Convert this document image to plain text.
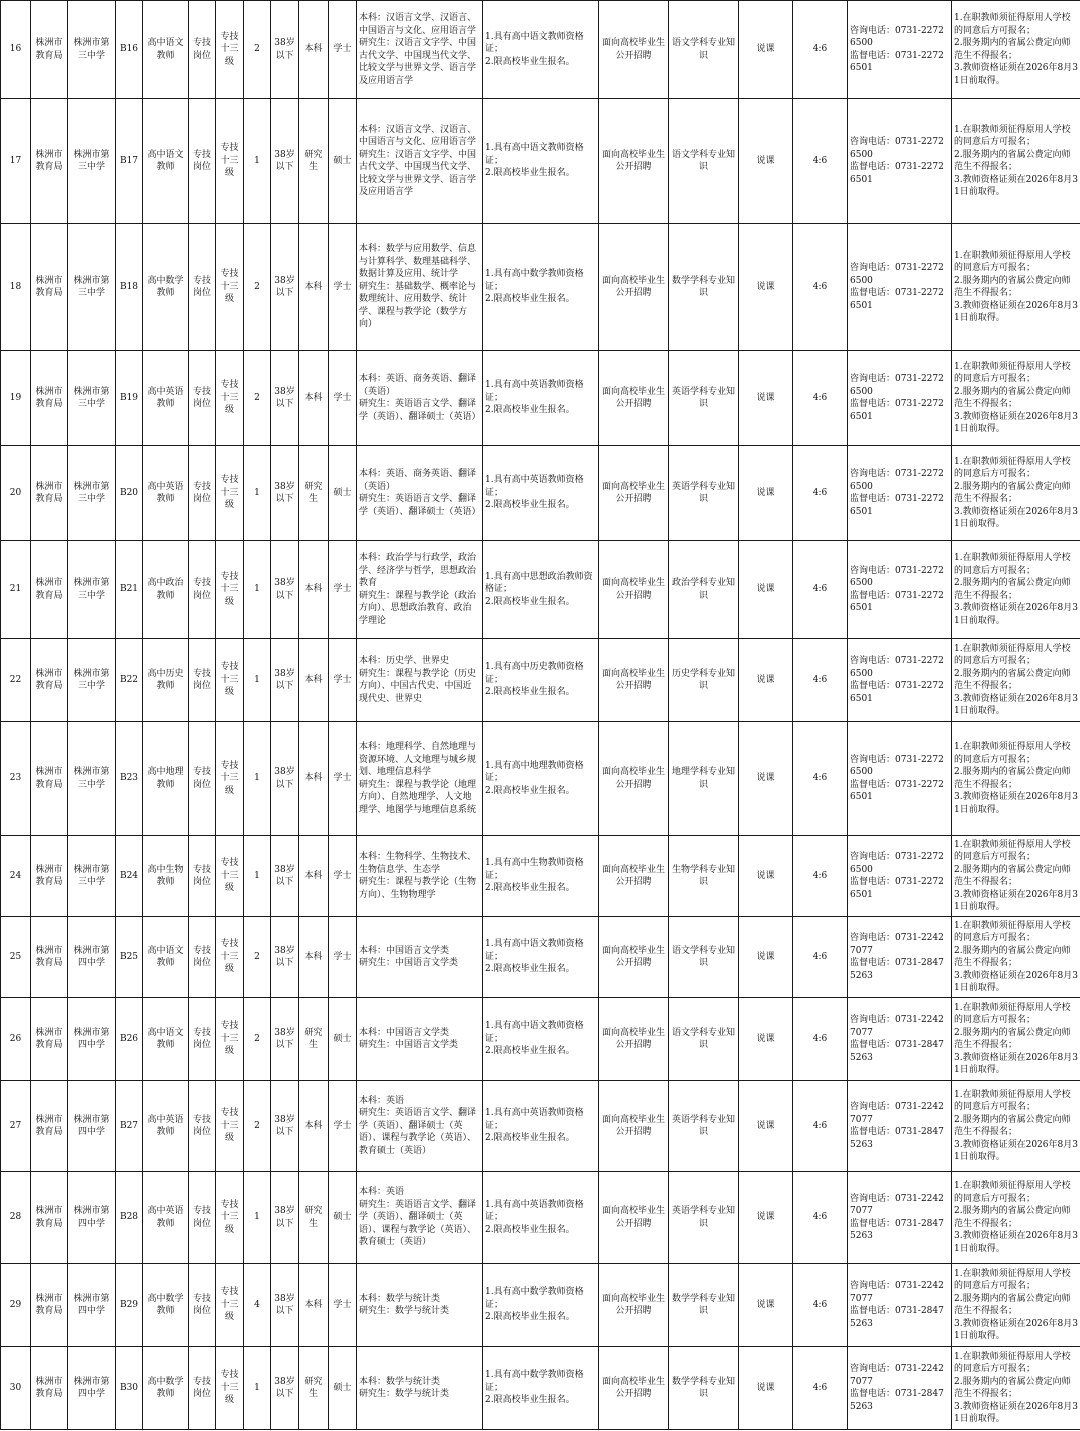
16	株洲市教育局	株洲市第三中学	B16	高中语文教师	专技岗位	专技十三级	2	38岁以下	本科	学士	本科：汉语言文学、汉语言、中国语言与文化、应用语言学
研究生：汉语言文字学、中国古代文学、中国现当代文学、比较文学与世界文学、语言学及应用语言学	1.具有高中语文教师资格证；
2.限高校毕业生报名。	面向高校毕业生公开招聘	语文学科专业知识	说课	4:6	咨询电话：0731-22726500
监督电话：0731-22726501	1.在职教师须征得原用人学校的同意后方可报名；
2.服务期内的省属公费定向师范生不得报名；
3.教师资格证须在2026年8月31日前取得。
17	株洲市教育局	株洲市第三中学	B17	高中语文教师	专技岗位	专技十三级	1	38岁以下	研究生	硕士	本科：汉语言文学、汉语言、中国语言与文化、应用语言学
研究生：汉语言文字学、中国古代文学、中国现当代文学、比较文学与世界文学、语言学及应用语言学	1.具有高中语文教师资格证；
2.限高校毕业生报名。	面向高校毕业生公开招聘	语文学科专业知识	说课	4:6	咨询电话：0731-22726500
监督电话：0731-22726501	1.在职教师须征得原用人学校的同意后方可报名；
2.服务期内的省属公费定向师范生不得报名；
3.教师资格证须在2026年8月31日前取得。
18	株洲市教育局	株洲市第三中学	B18	高中数学教师	专技岗位	专技十三级	2	38岁以下	本科	学士	本科：数学与应用数学、信息与计算科学、数理基础科学、数据计算及应用、统计学
研究生：基础数学、概率论与数理统计、应用数学、统计学、课程与教学论（数学方向）	1.具有高中数学教师资格证；
2.限高校毕业生报名。	面向高校毕业生公开招聘	数学学科专业知识	说课	4:6	咨询电话：0731-22726500
监督电话：0731-22726501	1.在职教师须征得原用人学校的同意后方可报名；
2.服务期内的省属公费定向师范生不得报名；
3.教师资格证须在2026年8月31日前取得。
19	株洲市教育局	株洲市第三中学	B19	高中英语教师	专技岗位	专技十三级	2	38岁以下	本科	学士	本科：英语、商务英语、翻译（英语）
研究生：英语语言文学、翻译学（英语）、翻译硕士（英语）	1.具有高中英语教师资格证；
2.限高校毕业生报名。	面向高校毕业生公开招聘	英语学科专业知识	说课	4:6	咨询电话：0731-22726500
监督电话：0731-22726501	1.在职教师须征得原用人学校的同意后方可报名；
2.服务期内的省属公费定向师范生不得报名；
3.教师资格证须在2026年8月31日前取得。
20	株洲市教育局	株洲市第三中学	B20	高中英语教师	专技岗位	专技十三级	1	38岁以下	研究生	硕士	本科：英语、商务英语、翻译（英语）
研究生：英语语言文学、翻译学（英语）、翻译硕士（英语）	1.具有高中英语教师资格证；
2.限高校毕业生报名。	面向高校毕业生公开招聘	英语学科专业知识	说课	4:6	咨询电话：0731-22726500
监督电话：0731-22726501	1.在职教师须征得原用人学校的同意后方可报名；
2.服务期内的省属公费定向师范生不得报名；
3.教师资格证须在2026年8月31日前取得。
21	株洲市教育局	株洲市第三中学	B21	高中政治教师	专技岗位	专技十三级	1	38岁以下	本科	学士	本科：政治学与行政学，政治学、经济学与哲学，思想政治教育
研究生：课程与教学论（政治方向）、思想政治教育、政治学理论	1.具有高中思想政治教师资格证；
2.限高校毕业生报名。	面向高校毕业生公开招聘	政治学科专业知识	说课	4:6	咨询电话：0731-22726500
监督电话：0731-22726501	1.在职教师须征得原用人学校的同意后方可报名；
2.服务期内的省属公费定向师范生不得报名；
3.教师资格证须在2026年8月31日前取得。
22	株洲市教育局	株洲市第三中学	B22	高中历史教师	专技岗位	专技十三级	1	38岁以下	本科	学士	本科：历史学、世界史
研究生：课程与教学论（历史方向）、中国古代史、中国近现代史、世界史	1.具有高中历史教师资格证；
2.限高校毕业生报名。	面向高校毕业生公开招聘	历史学科专业知识	说课	4:6	咨询电话：0731-22726500
监督电话：0731-22726501	1.在职教师须征得原用人学校的同意后方可报名；
2.服务期内的省属公费定向师范生不得报名；
3.教师资格证须在2026年8月31日前取得。
23	株洲市教育局	株洲市第三中学	B23	高中地理教师	专技岗位	专技十三级	1	38岁以下	本科	学士	本科：地理科学、自然地理与资源环境、人文地理与城乡规划、地理信息科学
研究生：课程与教学论（地理方向）、自然地理学、人文地理学、地图学与地理信息系统	1.具有高中地理教师资格证；
2.限高校毕业生报名。	面向高校毕业生公开招聘	地理学科专业知识	说课	4:6	咨询电话：0731-22726500
监督电话：0731-22726501	1.在职教师须征得原用人学校的同意后方可报名；
2.服务期内的省属公费定向师范生不得报名；
3.教师资格证须在2026年8月31日前取得。
24	株洲市教育局	株洲市第三中学	B24	高中生物教师	专技岗位	专技十三级	1	38岁以下	本科	学士	本科：生物科学、生物技术、生物信息学、生态学
研究生：课程与教学论（生物方向）、生物物理学	1.具有高中生物教师资格证；
2.限高校毕业生报名。	面向高校毕业生公开招聘	生物学科专业知识	说课	4:6	咨询电话：0731-22726500
监督电话：0731-22726501	1.在职教师须征得原用人学校的同意后方可报名；
2.服务期内的省属公费定向师范生不得报名；
3.教师资格证须在2026年8月31日前取得。
25	株洲市教育局	株洲市第四中学	B25	高中语文教师	专技岗位	专技十三级	2	38岁以下	本科	学士	本科：中国语言文学类
研究生：中国语言文学类	1.具有高中语文教师资格证；
2.限高校毕业生报名。	面向高校毕业生公开招聘	语文学科专业知识	说课	4:6	咨询电话：0731-22427077
监督电话：0731-28475263	1.在职教师须征得原用人学校的同意后方可报名；
2.服务期内的省属公费定向师范生不得报名；
3.教师资格证须在2026年8月31日前取得。
26	株洲市教育局	株洲市第四中学	B26	高中语文教师	专技岗位	专技十三级	2	38岁以下	研究生	硕士	本科：中国语言文学类
研究生：中国语言文学类	1.具有高中语文教师资格证；
2.限高校毕业生报名。	面向高校毕业生公开招聘	语文学科专业知识	说课	4:6	咨询电话：0731-22427077
监督电话：0731-28475263	1.在职教师须征得原用人学校的同意后方可报名；
2.服务期内的省属公费定向师范生不得报名；
3.教师资格证须在2026年8月31日前取得。
27	株洲市教育局	株洲市第四中学	B27	高中英语教师	专技岗位	专技十三级	2	38岁以下	本科	学士	本科：英语
研究生：英语语言文学、翻译学（英语）、翻译硕士（英语）、课程与教学论（英语）、教育硕士（英语）	1.具有高中英语教师资格证；
2.限高校毕业生报名。	面向高校毕业生公开招聘	英语学科专业知识	说课	4:6	咨询电话：0731-22427077
监督电话：0731-28475263	1.在职教师须征得原用人学校的同意后方可报名；
2.服务期内的省属公费定向师范生不得报名；
3.教师资格证须在2026年8月31日前取得。
28	株洲市教育局	株洲市第四中学	B28	高中英语教师	专技岗位	专技十三级	1	38岁以下	研究生	硕士	本科：英语
研究生：英语语言文学、翻译学（英语）、翻译硕士（英语）、课程与教学论（英语）、教育硕士（英语）	1.具有高中英语教师资格证；
2.限高校毕业生报名。	面向高校毕业生公开招聘	英语学科专业知识	说课	4:6	咨询电话：0731-22427077
监督电话：0731-28475263	1.在职教师须征得原用人学校的同意后方可报名；
2.服务期内的省属公费定向师范生不得报名；
3.教师资格证须在2026年8月31日前取得。
29	株洲市教育局	株洲市第四中学	B29	高中数学教师	专技岗位	专技十三级	4	38岁以下	本科	学士	本科：数学与统计类
研究生：数学与统计类	1.具有高中数学教师资格证；
2.限高校毕业生报名。	面向高校毕业生公开招聘	数学学科专业知识	说课	4:6	咨询电话：0731-22427077
监督电话：0731-28475263	1.在职教师须征得原用人学校的同意后方可报名；
2.服务期内的省属公费定向师范生不得报名；
3.教师资格证须在2026年8月31日前取得。
30	株洲市教育局	株洲市第四中学	B30	高中数学教师	专技岗位	专技十三级	1	38岁以下	研究生	硕士	本科：数学与统计类
研究生：数学与统计类	1.具有高中数学教师资格证；
2.限高校毕业生报名。	面向高校毕业生公开招聘	数学学科专业知识	说课	4:6	咨询电话：0731-22427077
监督电话：0731-28475263	1.在职教师须征得原用人学校的同意后方可报名；
2.服务期内的省属公费定向师范生不得报名；
3.教师资格证须在2026年8月31日前取得。
